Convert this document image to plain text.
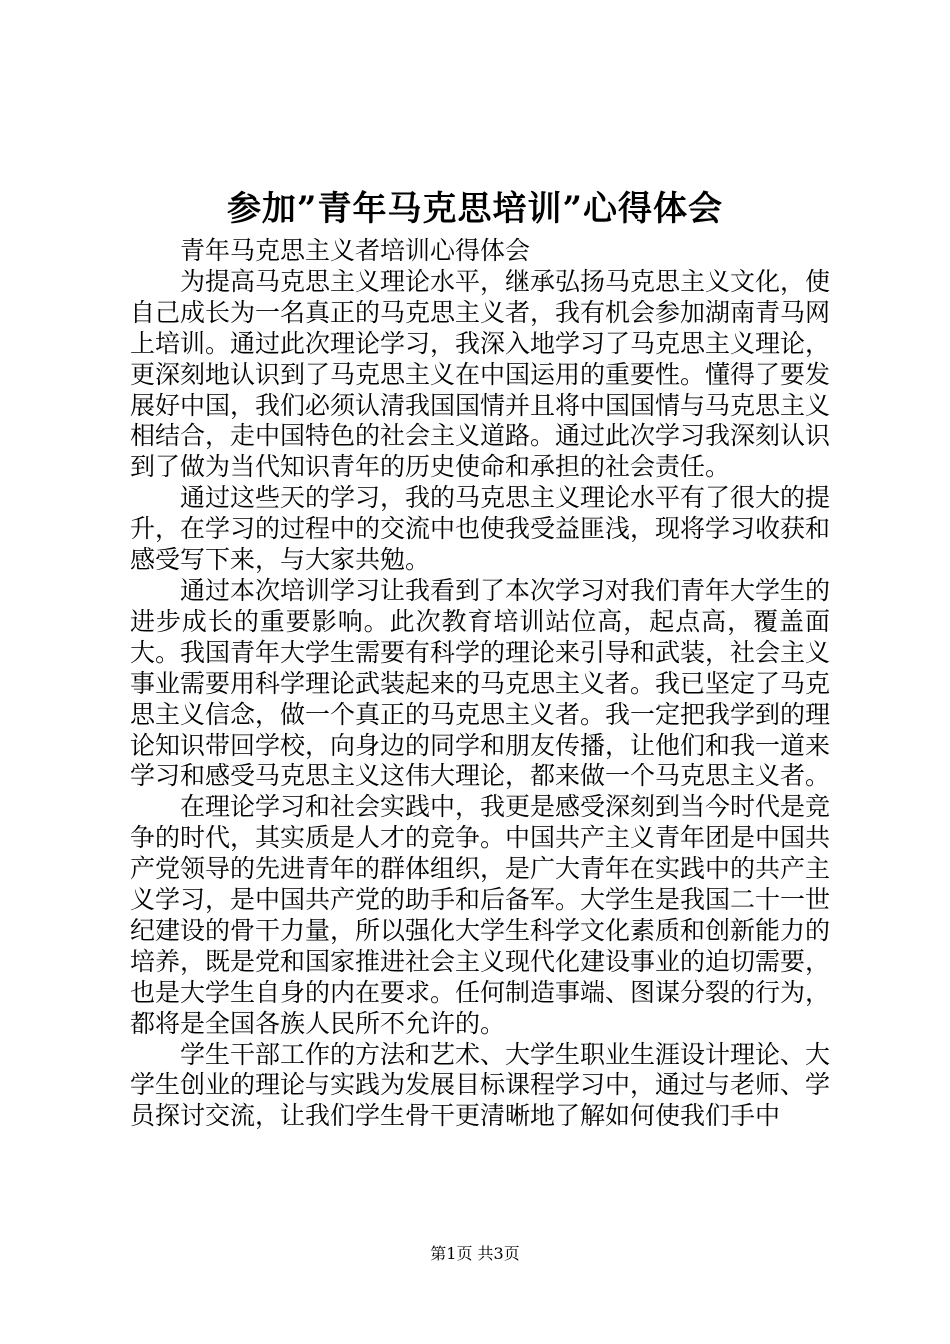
参加”青年马克思培训”心得体会

青年马克思主义者培训心得体会

为提高马克思主义理论水平，继承弘扬马克思主义文化，使自己成长为一名真正的马克思主义者，我有机会参加湖南青马网上培训。通过此次理论学习，我深入地学习了马克思主义理论，更深刻地认识到了马克思主义在中国运用的重要性。懂得了要发展好中国，我们必须认清我国国情并且将中国国情与马克思主义相结合，走中国特色的社会主义道路。通过此次学习我深刻认识到了做为当代知识青年的历史使命和承担的社会责任。

通过这些天的学习，我的马克思主义理论水平有了很大的提升，在学习的过程中的交流中也使我受益匪浅，现将学习收获和感受写下来，与大家共勉。

通过本次培训学习让我看到了本次学习对我们青年大学生的进步成长的重要影响。此次教育培训站位高，起点高，覆盖面大。我国青年大学生需要有科学的理论来引导和武装，社会主义事业需要用科学理论武装起来的马克思主义者。我已坚定了马克思主义信念，做一个真正的马克思主义者。我一定把我学到的理论知识带回学校，向身边的同学和朋友传播，让他们和我一道来学习和感受马克思主义这伟大理论，都来做一个马克思主义者。

在理论学习和社会实践中，我更是感受深刻到当今时代是竞争的时代，其实质是人才的竞争。中国共产主义青年团是中国共产党领导的先进青年的群体组织，是广大青年在实践中的共产主义学习，是中国共产党的助手和后备军。大学生是我国二十一世纪建设的骨干力量，所以强化大学生科学文化素质和创新能力的培养，既是党和国家推进社会主义现代化建设事业的迫切需要，也是大学生自身的内在要求。任何制造事端、图谋分裂的行为，都将是全国各族人民所不允许的。

学生干部工作的方法和艺术、大学生职业生涯设计理论、大学生创业的理论与实践为发展目标课程学习中，通过与老师、学员探讨交流，让我们学生骨干更清晰地了解如何使我们手中

第1页 共3页
